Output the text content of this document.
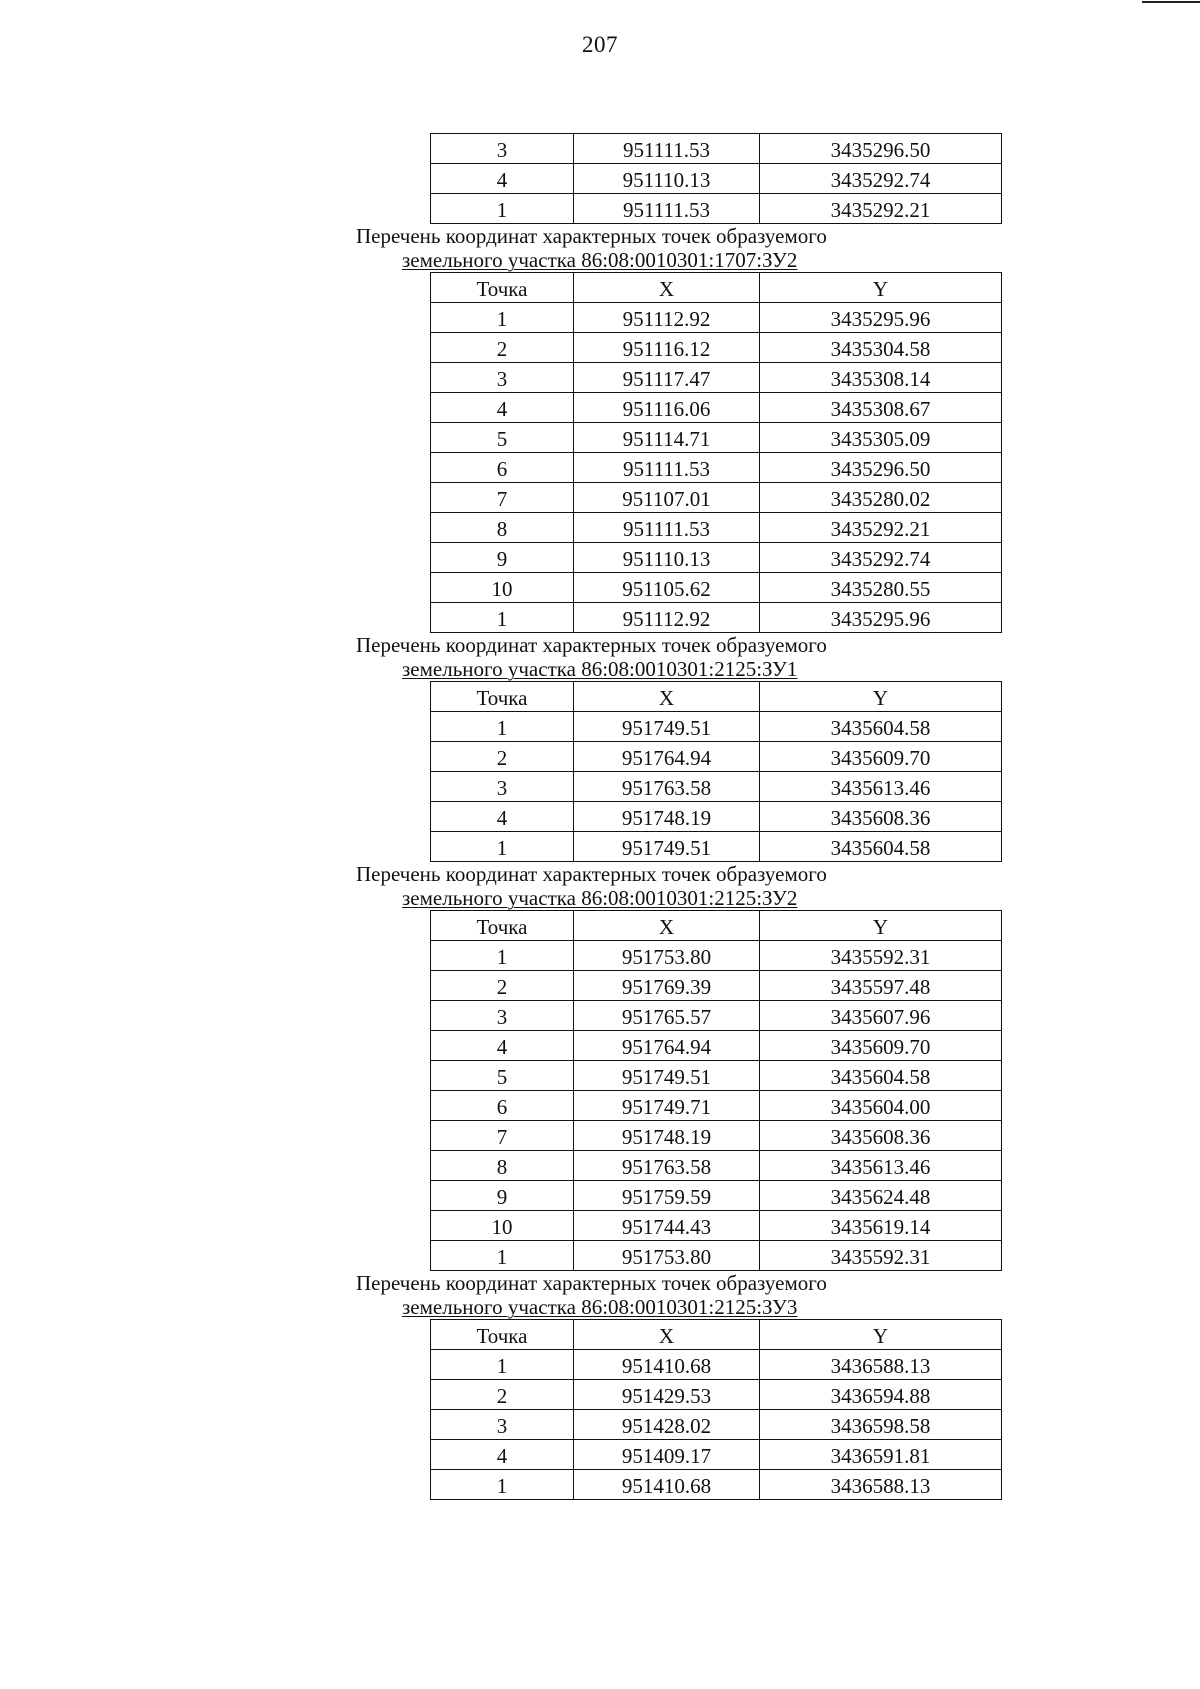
207
3	951111.53	3435296.50
4	951110.13	3435292.74
1	951111.53	3435292.21
Перечень координат характерных точек образуемого
земельного участка 86:08:0010301:1707:ЗУ2
Точка	X	Y
1	951112.92	3435295.96
2	951116.12	3435304.58
3	951117.47	3435308.14
4	951116.06	3435308.67
5	951114.71	3435305.09
6	951111.53	3435296.50
7	951107.01	3435280.02
8	951111.53	3435292.21
9	951110.13	3435292.74
10	951105.62	3435280.55
1	951112.92	3435295.96
Перечень координат характерных точек образуемого
земельного участка 86:08:0010301:2125:ЗУ1
Точка	X	Y
1	951749.51	3435604.58
2	951764.94	3435609.70
3	951763.58	3435613.46
4	951748.19	3435608.36
1	951749.51	3435604.58
Перечень координат характерных точек образуемого
земельного участка 86:08:0010301:2125:ЗУ2
Точка	X	Y
1	951753.80	3435592.31
2	951769.39	3435597.48
3	951765.57	3435607.96
4	951764.94	3435609.70
5	951749.51	3435604.58
6	951749.71	3435604.00
7	951748.19	3435608.36
8	951763.58	3435613.46
9	951759.59	3435624.48
10	951744.43	3435619.14
1	951753.80	3435592.31
Перечень координат характерных точек образуемого
земельного участка 86:08:0010301:2125:ЗУ3
Точка	X	Y
1	951410.68	3436588.13
2	951429.53	3436594.88
3	951428.02	3436598.58
4	951409.17	3436591.81
1	951410.68	3436588.13
